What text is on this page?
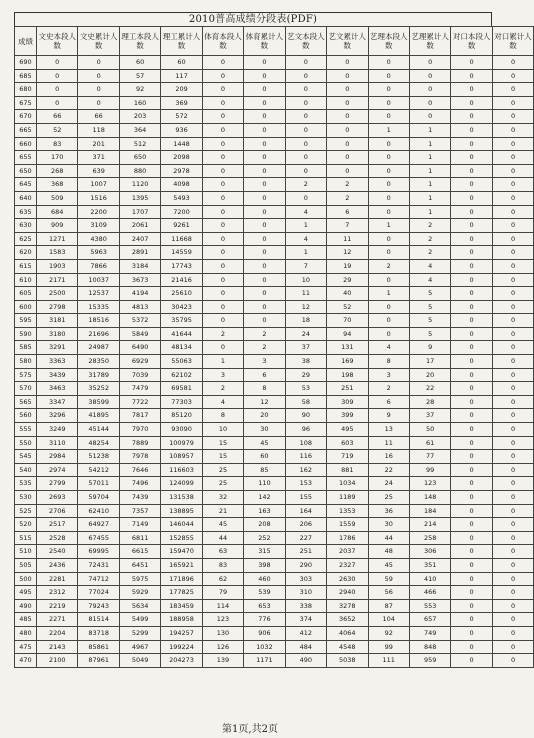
2010普高成绩分段表(PDF)
成绩	文史本段人数	文史累计人数	理工本段人数	理工累计人数	体育本段人数	体育累计人数	艺文本段人数	艺文累计人数	艺理本段人数	艺理累计人数	对口本段人数	对口累计人数
690	0	0	60	60	0	0	0	0	0	0	0	0
685	0	0	57	117	0	0	0	0	0	0	0	0
680	0	0	92	209	0	0	0	0	0	0	0	0
675	0	0	160	369	0	0	0	0	0	0	0	0
670	66	66	203	572	0	0	0	0	0	0	0	0
665	52	118	364	936	0	0	0	0	1	1	0	0
660	83	201	512	1448	0	0	0	0	0	1	0	0
655	170	371	650	2098	0	0	0	0	0	1	0	0
650	268	639	880	2978	0	0	0	0	0	1	0	0
645	368	1007	1120	4098	0	0	2	2	0	1	0	0
640	509	1516	1395	5493	0	0	0	2	0	1	0	0
635	684	2200	1707	7200	0	0	4	6	0	1	0	0
630	909	3109	2061	9261	0	0	1	7	1	2	0	0
625	1271	4380	2407	11668	0	0	4	11	0	2	0	0
620	1583	5963	2891	14559	0	0	1	12	0	2	0	0
615	1903	7866	3184	17743	0	0	7	19	2	4	0	0
610	2171	10037	3673	21416	0	0	10	29	0	4	0	0
605	2500	12537	4194	25610	0	0	11	40	1	5	0	0
600	2798	15335	4813	30423	0	0	12	52	0	5	0	0
595	3181	18516	5372	35795	0	0	18	70	0	5	0	0
590	3180	21696	5849	41644	2	2	24	94	0	5	0	0
585	3291	24987	6490	48134	0	2	37	131	4	9	0	0
580	3363	28350	6929	55063	1	3	38	169	8	17	0	0
575	3439	31789	7039	62102	3	6	29	198	3	20	0	0
570	3463	35252	7479	69581	2	8	53	251	2	22	0	0
565	3347	38599	7722	77303	4	12	58	309	6	28	0	0
560	3296	41895	7817	85120	8	20	90	399	9	37	0	0
555	3249	45144	7970	93090	10	30	96	495	13	50	0	0
550	3110	48254	7889	100979	15	45	108	603	11	61	0	0
545	2984	51238	7978	108957	15	60	116	719	16	77	0	0
540	2974	54212	7646	116603	25	85	162	881	22	99	0	0
535	2799	57011	7496	124099	25	110	153	1034	24	123	0	0
530	2693	59704	7439	131538	32	142	155	1189	25	148	0	0
525	2706	62410	7357	138895	21	163	164	1353	36	184	0	0
520	2517	64927	7149	146044	45	208	206	1559	30	214	0	0
515	2528	67455	6811	152855	44	252	227	1786	44	258	0	0
510	2540	69995	6615	159470	63	315	251	2037	48	306	0	0
505	2436	72431	6451	165921	83	398	290	2327	45	351	0	0
500	2281	74712	5975	171896	62	460	303	2630	59	410	0	0
495	2312	77024	5929	177825	79	539	310	2940	56	466	0	0
490	2219	79243	5634	183459	114	653	338	3278	87	553	0	0
485	2271	81514	5499	188958	123	776	374	3652	104	657	0	0
480	2204	83718	5299	194257	130	906	412	4064	92	749	0	0
475	2143	85861	4967	199224	126	1032	484	4548	99	848	0	0
470	2100	87961	5049	204273	139	1171	490	5038	111	959	0	0
第1页,共2页
